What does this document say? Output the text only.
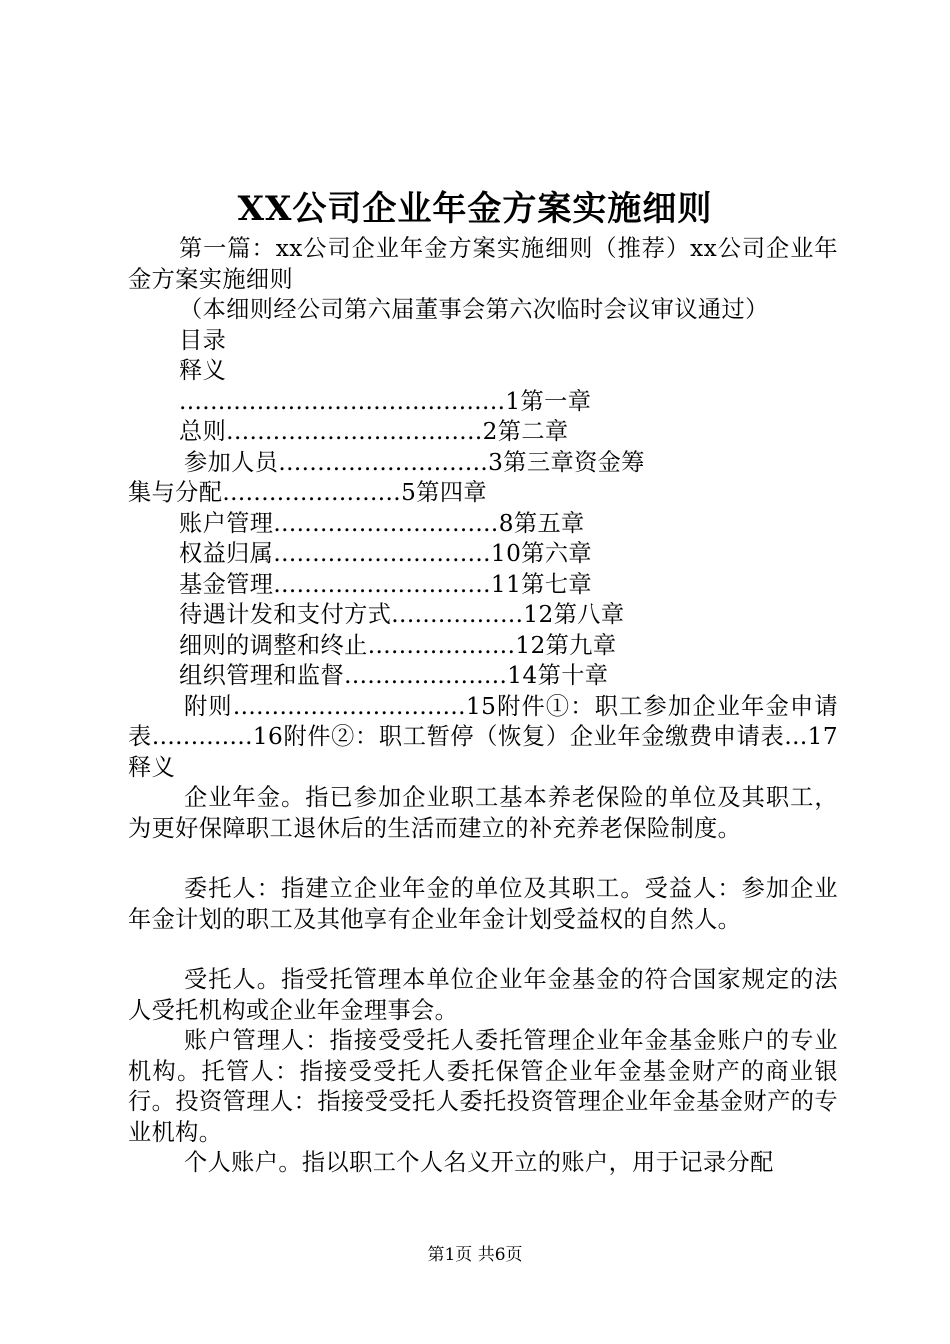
XX公司企业年金方案实施细则

第一篇：xx公司企业年金方案实施细则（推荐）xx公司企业年金方案实施细则

（本细则经公司第六届董事会第六次临时会议审议通过）

目录

释义

..........................................1第一章

总则.................................2第二章

参加人员...........................3第三章资金筹

集与分配.......................5第四章

账户管理.............................8第五章

权益归属............................10第六章

基金管理............................11第七章

待遇计发和支付方式.................12第八章

细则的调整和终止...................12第九章

组织管理和监督.....................14第十章

附则..............................15附件①：职工参加企业年金申请表.............16附件②：职工暂停（恢复）企业年金缴费申请表...17释义

企业年金。指已参加企业职工基本养老保险的单位及其职工，为更好保障职工退休后的生活而建立的补充养老保险制度。

委托人：指建立企业年金的单位及其职工。受益人：参加企业年金计划的职工及其他享有企业年金计划受益权的自然人。

受托人。指受托管理本单位企业年金基金的符合国家规定的法人受托机构或企业年金理事会。

账户管理人：指接受受托人委托管理企业年金基金账户的专业机构。托管人：指接受受托人委托保管企业年金基金财产的商业银行。投资管理人：指接受受托人委托投资管理企业年金基金财产的专业机构。

个人账户。指以职工个人名义开立的账户，用于记录分配

第1页 共6页
